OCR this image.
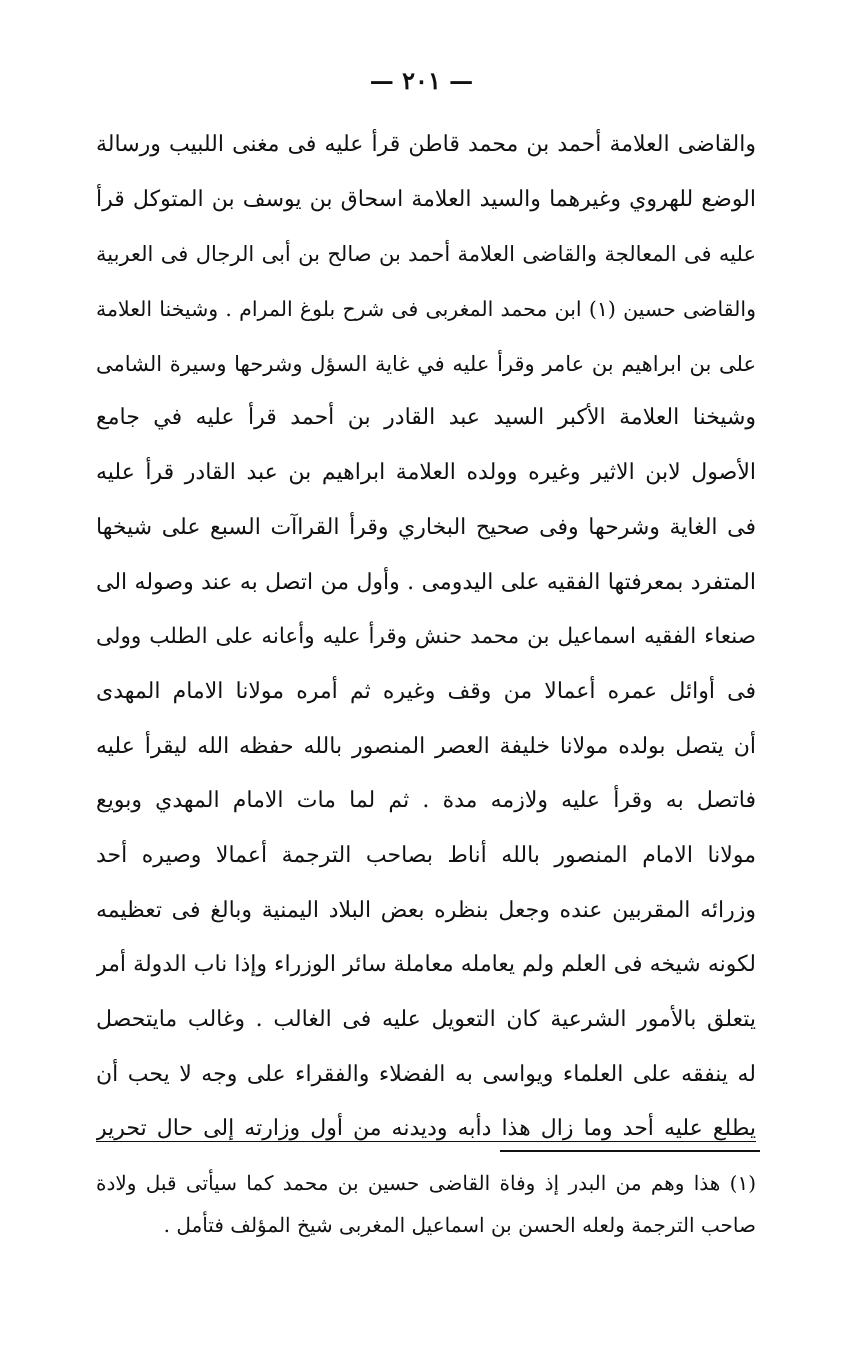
— ٢٠١ —
والقاضى العلامة أحمد بن محمد قاطن قرأ عليه فى مغنى اللبيب ورسالة
الوضع للهروي وغيرهما والسيد العلامة اسحاق بن يوسف بن المتوكل قرأ
عليه فى المعالجة والقاضى العلامة أحمد بن صالح بن أبى الرجال فى العربية
والقاضى حسين (١) ابن محمد المغربى فى شرح بلوغ المرام . وشيخنا العلامة
على بن ابراهيم بن عامر وقرأ عليه في غاية السؤل وشرحها وسيرة الشامى
وشيخنا العلامة الأكبر السيد عبد القادر بن أحمد قرأ عليه في جامع
الأصول لابن الاثير وغيره وولده العلامة ابراهيم بن عبد القادر قرأ عليه
فى الغاية وشرحها وفى صحيح البخاري وقرأ القراآت السبع على شيخها
المتفرد بمعرفتها الفقيه على اليدومى . وأول من اتصل به عند وصوله الى
صنعاء الفقيه اسماعيل بن محمد حنش وقرأ عليه وأعانه على الطلب وولى
فى أوائل عمره أعمالا من وقف وغيره ثم أمره مولانا الامام المهدى
أن يتصل بولده مولانا خليفة العصر المنصور بالله حفظه الله ليقرأ عليه
فاتصل به وقرأ عليه ولازمه مدة . ثم لما مات الامام المهدي وبويع
مولانا الامام المنصور بالله أناط بصاحب الترجمة أعمالا وصيره أحد
وزرائه المقربين عنده وجعل بنظره بعض البلاد اليمنية وبالغ فى تعظيمه
لكونه شيخه فى العلم ولم يعامله معاملة سائر الوزراء وإذا ناب الدولة أمر
يتعلق بالأمور الشرعية كان التعويل عليه فى الغالب . وغالب مايتحصل
له ينفقه على العلماء ويواسى به الفضلاء والفقراء على وجه لا يحب أن
يطلع عليه أحد وما زال هذا دأبه وديدنه من أول وزارته إلى حال تحرير
(١) هذا وهم من البدر إذ وفاة القاضى حسين بن محمد كما سيأتى قبل ولادة
صاحب الترجمة ولعله الحسن بن اسماعيل المغربى شيخ المؤلف فتأمل .
